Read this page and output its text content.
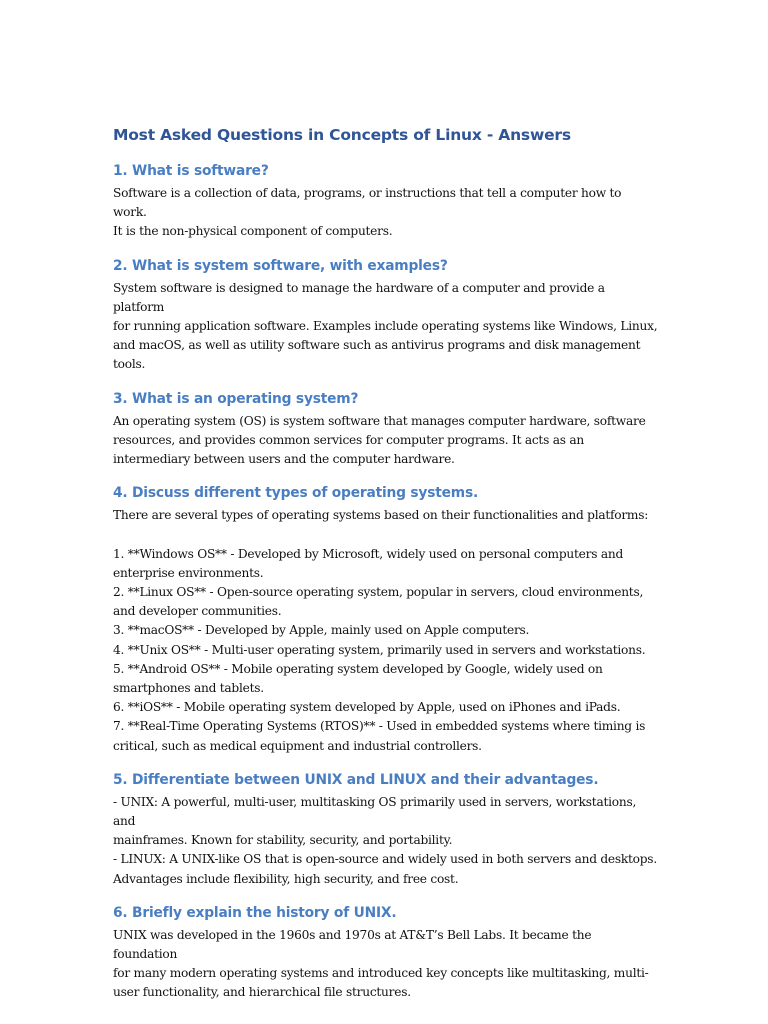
Most Asked Questions in Concepts of Linux - Answers
1. What is software?

Software is a collection of data, programs, or instructions that tell a computer how to work.

It is the non-physical component of computers.

2. What is system software, with examples?

System software is designed to manage the hardware of a computer and provide a platform

for running application software. Examples include operating systems like Windows, Linux,

and macOS, as well as utility software such as antivirus programs and disk management

tools.

3. What is an operating system?

An operating system (OS) is system software that manages computer hardware, software

resources, and provides common services for computer programs. It acts as an

intermediary between users and the computer hardware.

4. Discuss different types of operating systems.

There are several types of operating systems based on their functionalities and platforms:

1. **Windows OS** - Developed by Microsoft, widely used on personal computers and

enterprise environments.

2. **Linux OS** - Open-source operating system, popular in servers, cloud environments,

and developer communities.

3. **macOS** - Developed by Apple, mainly used on Apple computers.

4. **Unix OS** - Multi-user operating system, primarily used in servers and workstations.

5. **Android OS** - Mobile operating system developed by Google, widely used on

smartphones and tablets.

6. **iOS** - Mobile operating system developed by Apple, used on iPhones and iPads.

7. **Real-Time Operating Systems (RTOS)** - Used in embedded systems where timing is

critical, such as medical equipment and industrial controllers.

5. Differentiate between UNIX and LINUX and their advantages.

- UNIX: A powerful, multi-user, multitasking OS primarily used in servers, workstations, and

mainframes. Known for stability, security, and portability.

- LINUX: A UNIX-like OS that is open-source and widely used in both servers and desktops.

Advantages include flexibility, high security, and free cost.

6. Briefly explain the history of UNIX.

UNIX was developed in the 1960s and 1970s at AT&T’s Bell Labs. It became the foundation

for many modern operating systems and introduced key concepts like multitasking, multi-

user functionality, and hierarchical file structures.
